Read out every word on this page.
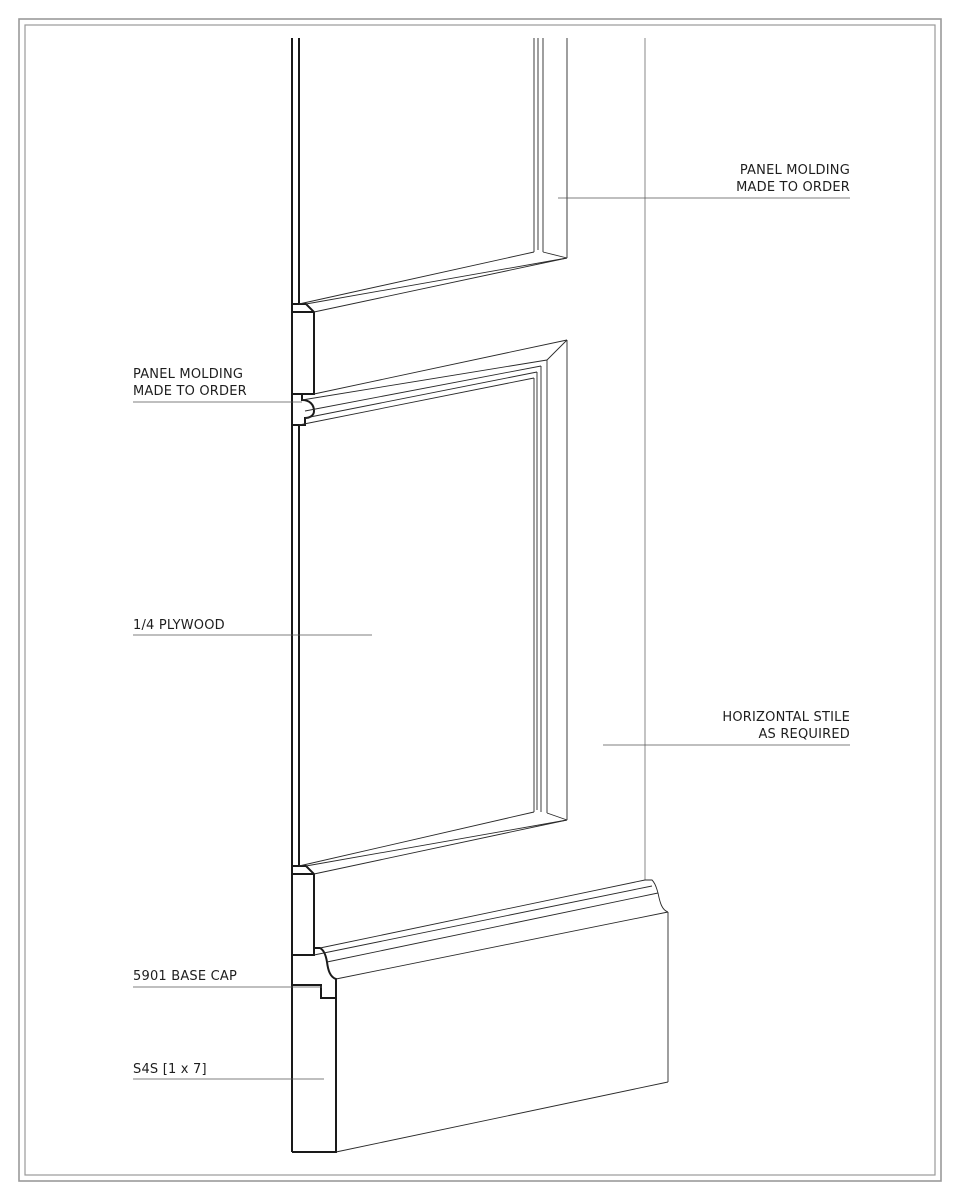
PANEL MOLDING
MADE TO ORDER
PANEL MOLDING
MADE TO ORDER
1/4 PLYWOOD
HORIZONTAL STILE
AS REQUIRED
5901 BASE CAP
S4S [1 x 7]
